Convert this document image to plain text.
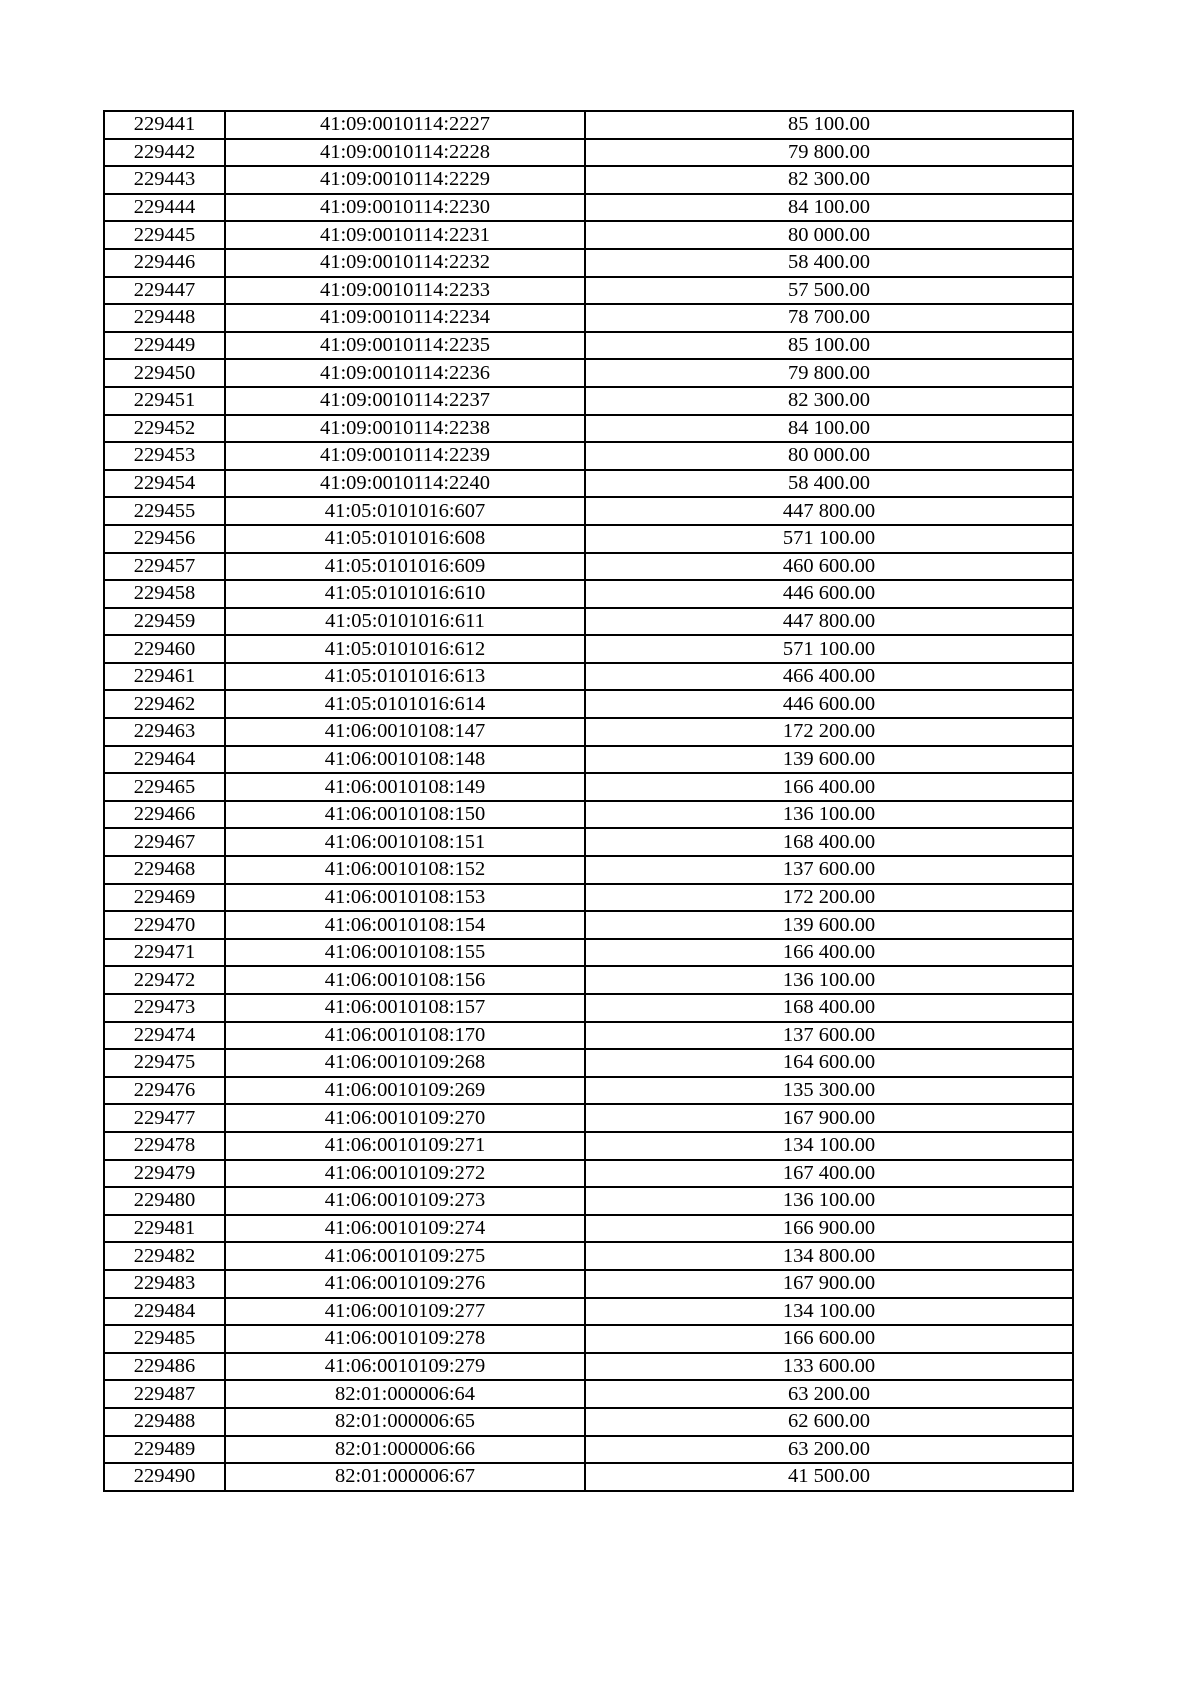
229441	41:09:0010114:2227	85 100.00
229442	41:09:0010114:2228	79 800.00
229443	41:09:0010114:2229	82 300.00
229444	41:09:0010114:2230	84 100.00
229445	41:09:0010114:2231	80 000.00
229446	41:09:0010114:2232	58 400.00
229447	41:09:0010114:2233	57 500.00
229448	41:09:0010114:2234	78 700.00
229449	41:09:0010114:2235	85 100.00
229450	41:09:0010114:2236	79 800.00
229451	41:09:0010114:2237	82 300.00
229452	41:09:0010114:2238	84 100.00
229453	41:09:0010114:2239	80 000.00
229454	41:09:0010114:2240	58 400.00
229455	41:05:0101016:607	447 800.00
229456	41:05:0101016:608	571 100.00
229457	41:05:0101016:609	460 600.00
229458	41:05:0101016:610	446 600.00
229459	41:05:0101016:611	447 800.00
229460	41:05:0101016:612	571 100.00
229461	41:05:0101016:613	466 400.00
229462	41:05:0101016:614	446 600.00
229463	41:06:0010108:147	172 200.00
229464	41:06:0010108:148	139 600.00
229465	41:06:0010108:149	166 400.00
229466	41:06:0010108:150	136 100.00
229467	41:06:0010108:151	168 400.00
229468	41:06:0010108:152	137 600.00
229469	41:06:0010108:153	172 200.00
229470	41:06:0010108:154	139 600.00
229471	41:06:0010108:155	166 400.00
229472	41:06:0010108:156	136 100.00
229473	41:06:0010108:157	168 400.00
229474	41:06:0010108:170	137 600.00
229475	41:06:0010109:268	164 600.00
229476	41:06:0010109:269	135 300.00
229477	41:06:0010109:270	167 900.00
229478	41:06:0010109:271	134 100.00
229479	41:06:0010109:272	167 400.00
229480	41:06:0010109:273	136 100.00
229481	41:06:0010109:274	166 900.00
229482	41:06:0010109:275	134 800.00
229483	41:06:0010109:276	167 900.00
229484	41:06:0010109:277	134 100.00
229485	41:06:0010109:278	166 600.00
229486	41:06:0010109:279	133 600.00
229487	82:01:000006:64	63 200.00
229488	82:01:000006:65	62 600.00
229489	82:01:000006:66	63 200.00
229490	82:01:000006:67	41 500.00
